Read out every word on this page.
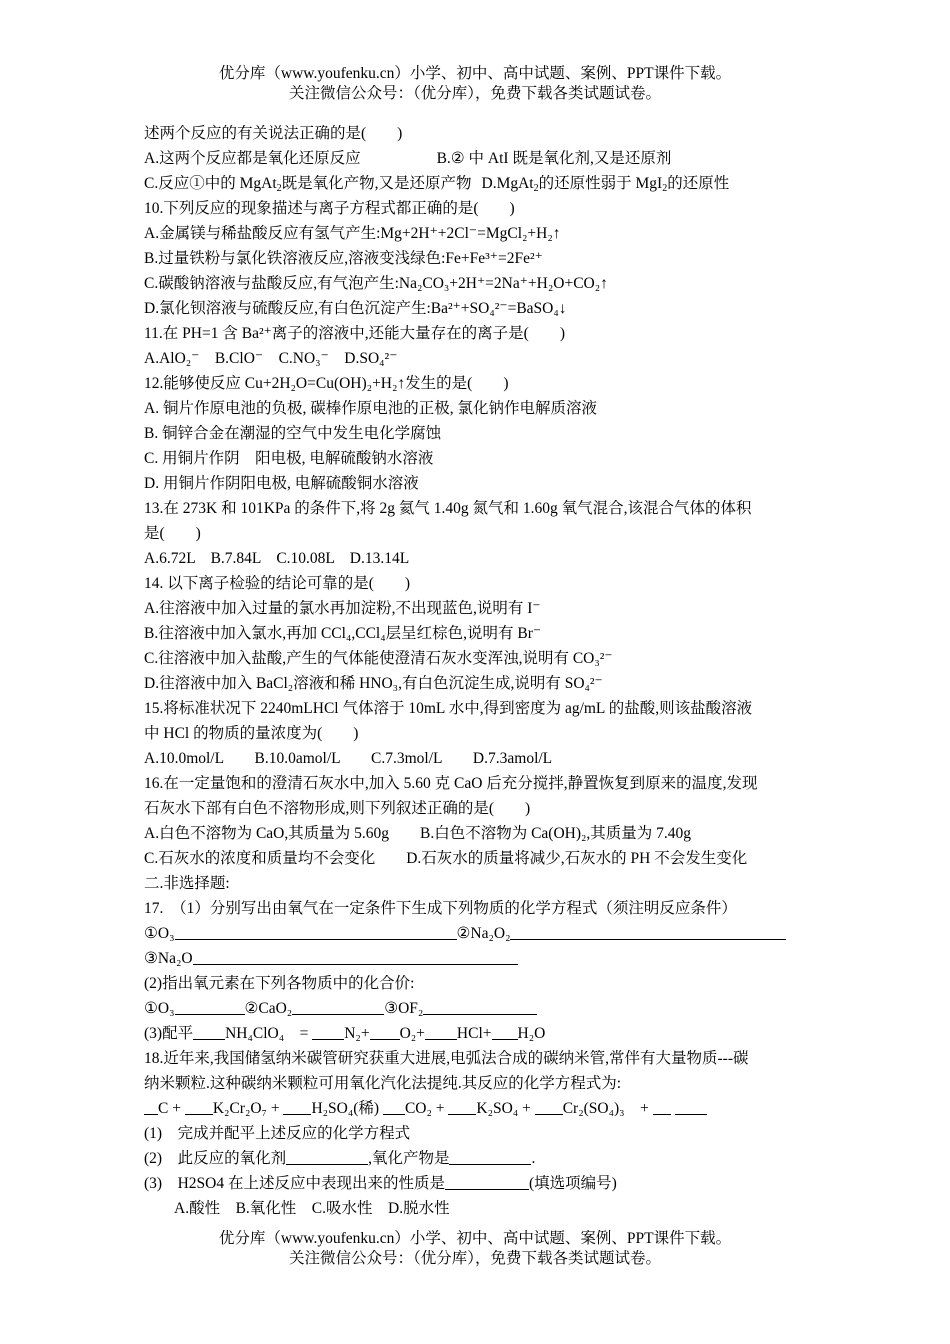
优分库（www.youfenku.cn）小学、初中、高中试题、案例、PPT课件下载。
关注微信公众号：（优分库），免费下载各类试题试卷。
述两个反应的有关说法正确的是(　　)
A.这两个反应都是氧化还原反应	B.② 中 AtI 既是氧化剂,又是还原剂
C.反应①中的 MgAt$_2$既是氧化产物,又是还原产物 D.MgAt$_2$的还原性弱于 MgI$_2$的还原性
10.下列反应的现象描述与离子方程式都正确的是(　　)
A.金属镁与稀盐酸反应有氢气产生:Mg+2H⁺+2Cl⁻=MgCl₂+H₂↑
B.过量铁粉与氯化铁溶液反应,溶液变浅绿色:Fe+Fe³⁺=2Fe²⁺
C.碳酸钠溶液与盐酸反应,有气泡产生:Na₂CO₃+2H⁺=2Na⁺+H₂O+CO₂↑
D.氯化钡溶液与硫酸反应,有白色沉淀产生:Ba²⁺+SO₄²⁻=BaSO₄↓
11.在 PH=1 含 Ba²⁺离子的溶液中,还能大量存在的离子是(　　)
A.AlO₂⁻　B.ClO⁻　C.NO₃⁻　D.SO₄²⁻
12.能够使反应 Cu+2H₂O=Cu(OH)₂+H₂↑发生的是(　　)
A. 铜片作原电池的负极, 碳棒作原电池的正极, 氯化钠作电解质溶液
B. 铜锌合金在潮湿的空气中发生电化学腐蚀
C. 用铜片作阴　阳电极, 电解硫酸钠水溶液
D. 用铜片作阴阳电极, 电解硫酸铜水溶液
13.在 273K 和 101KPa 的条件下,将 2g 氦气 1.40g 氮气和 1.60g 氧气混合,该混合气体的体积
是(　　)
A.6.72L　B.7.84L　C.10.08L　D.13.14L
14. 以下离子检验的结论可靠的是(　　)
A.往溶液中加入过量的氯水再加淀粉,不出现蓝色,说明有 I⁻
B.往溶液中加入氯水,再加 CCl₄,CCl₄层呈红棕色,说明有 Br⁻
C.往溶液中加入盐酸,产生的气体能使澄清石灰水变浑浊,说明有 CO₃²⁻
D.往溶液中加入 BaCl₂溶液和稀 HNO₃,有白色沉淀生成,说明有 SO₄²⁻
15.将标准状况下 2240mLHCl 气体溶于 10mL 水中,得到密度为 ag/mL 的盐酸,则该盐酸溶液
中 HCl 的物质的量浓度为(　　)
A.10.0mol/L　　B.10.0amol/L　　C.7.3mol/L　　D.7.3amol/L
16.在一定量饱和的澄清石灰水中,加入 5.60 克 CaO 后充分搅拌,静置恢复到原来的温度,发现
石灰水下部有白色不溶物形成,则下列叙述正确的是(　　)
A.白色不溶物为 CaO,其质量为 5.60g　　B.白色不溶物为 Ca(OH)₂,其质量为 7.40g
C.石灰水的浓度和质量均不会变化　　D.石灰水的质量将减少,石灰水的 PH 不会发生变化
二.非选择题:
17.　（1）分别写出由氧气在一定条件下生成下列物质的化学方程式（须注明反应条件）
①O₃	②Na₂O₂
③Na₂O
(2)指出氧元素在下列各物质中的化合价:
①O₃	②CaO₂	③OF₂
(3)配平 NH₄ClO₄　= N₂+ O₂+ HCl+ H₂O
18.近年来,我国储氢纳米碳管研究获重大进展,电弧法合成的碳纳米管,常伴有大量物质---碳
纳米颗粒.这种碳纳米颗粒可用氧化汽化法提纯.其反应的化学方程式为:
C + K₂Cr₂O₇ + H₂SO₄(稀) CO₂ + K₂SO₄ + Cr₂(SO₄)₃　+
(1)　完成并配平上述反应的化学方程式
(2)　此反应的氧化剂	,氧化产物是	.
(3)　H2SO4 在上述反应中表现出来的性质是	(填选项编号)
A.酸性　B.氧化性　C.吸水性　D.脱水性
优分库（www.youfenku.cn）小学、初中、高中试题、案例、PPT课件下载。
关注微信公众号：（优分库），免费下载各类试题试卷。
